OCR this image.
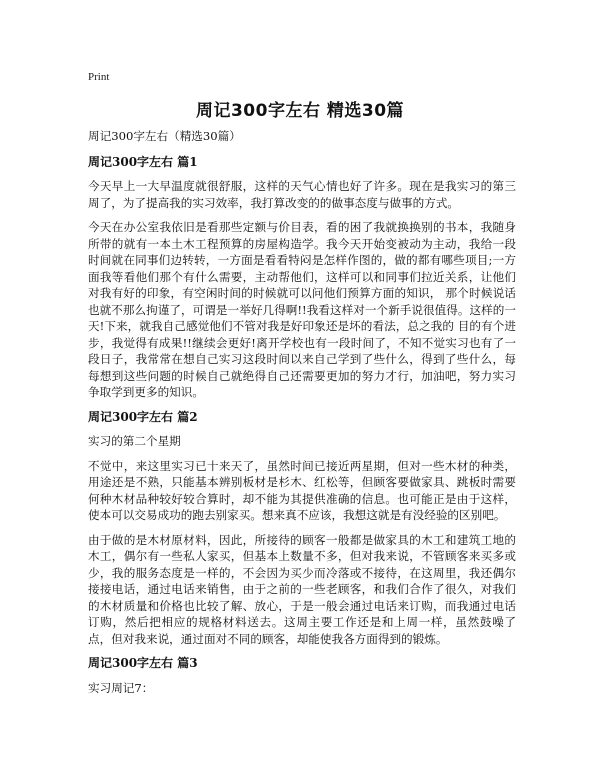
Print
周记300字左右 精选30篇

周记300字左右（精选30篇）

周记300字左右 篇1

今天早上一大早温度就很舒服，这样的天气心情也好了许多。现在是我实习的第三周了，为了提高我的实习效率，我打算改变的的做事态度与做事的方式。

今天在办公室我依旧是看那些定额与价目表，看的困了我就换换别的书本，我随身所带的就有一本土木工程预算的房屋构造学。我今天开始变被动为主动，我给一段时间就在同事们边转转，一方面是看看特闷是怎样作图的，做的都有哪些项目;一方面我等看他们那个有什么需要，主动帮他们，这样可以和同事们拉近关系，让他们对我有好的印象，有空闲时间的时候就可以问他们预算方面的知识， 那个时候说话也就不那么拘谨了，可谓是一举好几得啊!!我看这样对一个新手说很值得。这样的一天!下来，就我自己感觉他们不管对我是好印象还是坏的看法，总之我的 目的有个进步，我觉得有成果!!继续会更好!离开学校也有一段时间了，不知不觉实习也有了一段日子，我常常在想自己实习这段时间以来自己学到了些什么，得到了些什么，每每想到这些问题的时候自己就绝得自己还需要更加的努力才行，加油吧，努力实习争取学到更多的知识。

周记300字左右 篇2

实习的第二个星期

不觉中，来这里实习已十来天了，虽然时间已接近两星期，但对一些木材的种类，用途还是不熟，只能基本辨别板材是杉木、红松等，但顾客要做家具、跳板时需要何种木材品种较好较合算时，却不能为其提供准确的信息。也可能正是由于这样，使本可以交易成功的跑去别家买。想来真不应该，我想这就是有没经验的区别吧。

由于做的是木材原材料，因此，所接待的顾客一般都是做家具的木工和建筑工地的木工，偶尔有一些私人家买，但基本上数量不多，但对我来说，不管顾客来买多或少，我的服务态度是一样的，不会因为买少而冷落或不接待，在这周里，我还偶尔接接电话，通过电话来销售，由于之前的一些老顾客，和我们合作了很久，对我们的木材质量和价格也比较了解、放心，于是一般会通过电话来订购，而我通过电话订购，然后把相应的规格材料送去。这周主要工作还是和上周一样，虽然鼓噪了点，但对我来说，通过面对不同的顾客，却能使我各方面得到的锻炼。

周记300字左右 篇3

实习周记7：
